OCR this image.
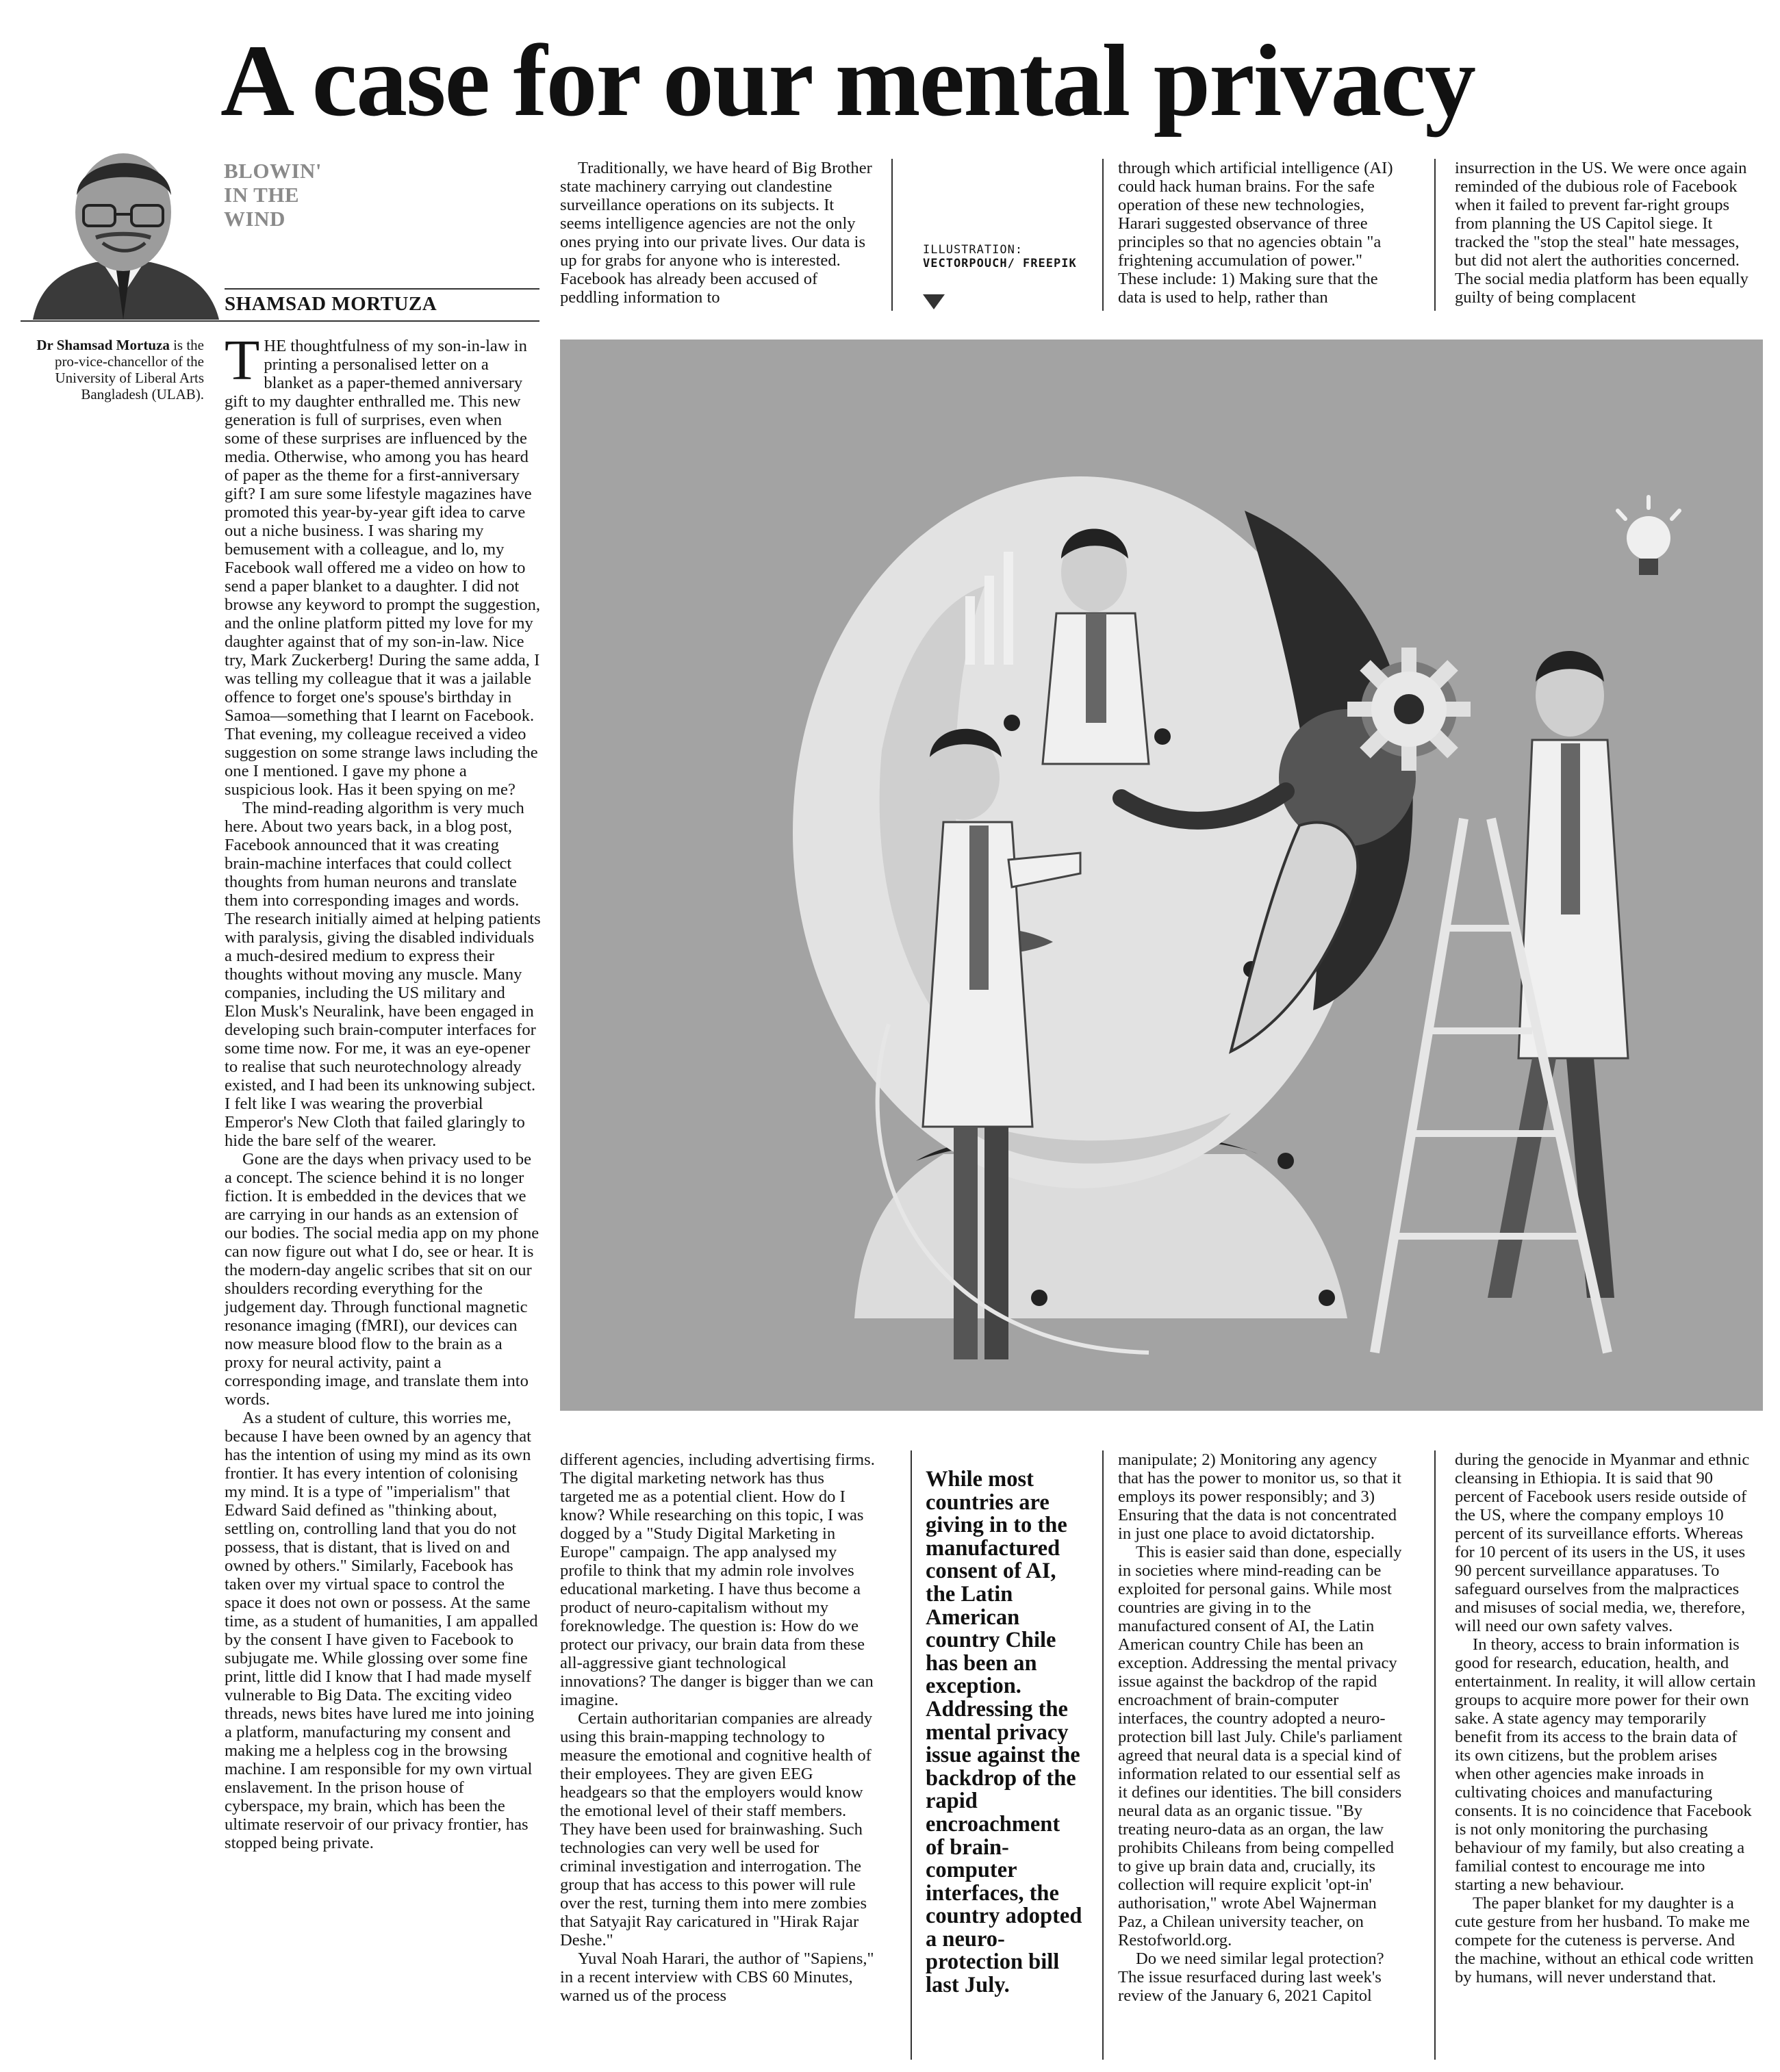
A case for our mental privacy
BLOWIN'
IN THE
WIND
SHAMSAD MORTUZA
Dr Shamsad Mortuza is the pro-vice-chancellor of the University of Liberal Arts Bangladesh (ULAB).

THE thoughtfulness of my son-in-law in printing a personalised letter on a blanket as a paper-themed anniversary gift to my daughter enthralled me. This new generation is full of surprises, even when some of these surprises are influenced by the media. Otherwise, who among you has heard of paper as the theme for a first-anniversary gift? I am sure some lifestyle magazines have promoted this year-by-year gift idea to carve out a niche business. I was sharing my bemusement with a colleague, and lo, my Facebook wall offered me a video on how to send a paper blanket to a daughter. I did not browse any keyword to prompt the suggestion, and the online platform pitted my love for my daughter against that of my son-in-law. Nice try, Mark Zuckerberg! During the same adda, I was telling my colleague that it was a jailable offence to forget one's spouse's birthday in Samoa—something that I learnt on Facebook. That evening, my colleague received a video suggestion on some strange laws including the one I mentioned. I gave my phone a suspicious look. Has it been spying on me?

The mind-reading algorithm is very much here. About two years back, in a blog post, Facebook announced that it was creating brain-machine interfaces that could collect thoughts from human neurons and translate them into corresponding images and words. The research initially aimed at helping patients with paralysis, giving the disabled individuals a much-desired medium to express their thoughts without moving any muscle. Many companies, including the US military and Elon Musk's Neuralink, have been engaged in developing such brain-computer interfaces for some time now. For me, it was an eye-opener to realise that such neurotechnology already existed, and I had been its unknowing subject. I felt like I was wearing the proverbial Emperor's New Cloth that failed glaringly to hide the bare self of the wearer.

Gone are the days when privacy used to be a concept. The science behind it is no longer fiction. It is embedded in the devices that we are carrying in our hands as an extension of our bodies. The social media app on my phone can now figure out what I do, see or hear. It is the modern-day angelic scribes that sit on our shoulders recording everything for the judgement day. Through functional magnetic resonance imaging (fMRI), our devices can now measure blood flow to the brain as a proxy for neural activity, paint a corresponding image, and translate them into words.

As a student of culture, this worries me, because I have been owned by an agency that has the intention of using my mind as its own frontier. It has every intention of colonising my mind. It is a type of "imperialism" that Edward Said defined as "thinking about, settling on, controlling land that you do not possess, that is distant, that is lived on and owned by others." Similarly, Facebook has taken over my virtual space to control the space it does not own or possess. At the same time, as a student of humanities, I am appalled by the consent I have given to Facebook to subjugate me. While glossing over some fine print, little did I know that I had made myself vulnerable to Big Data. The exciting video threads, news bites have lured me into joining a platform, manufacturing my consent and making me a helpless cog in the browsing machine. I am responsible for my own virtual enslavement. In the prison house of cyberspace, my brain, which has been the ultimate reservoir of our privacy frontier, has stopped being private.

Traditionally, we have heard of Big Brother state machinery carrying out clandestine surveillance operations on its subjects. It seems intelligence agencies are not the only ones prying into our private lives. Our data is up for grabs for anyone who is interested. Facebook has already been accused of peddling information to

ILLUSTRATION:
VECTORPOUCH/ FREEPIK

through which artificial intelligence (AI) could hack human brains. For the safe operation of these new technologies, Harari suggested observance of three principles so that no agencies obtain "a frightening accumulation of power." These include: 1) Making sure that the data is used to help, rather than

insurrection in the US. We were once again reminded of the dubious role of Facebook when it failed to prevent far-right groups from planning the US Capitol siege. It tracked the "stop the steal" hate messages, but did not alert the authorities concerned. The social media platform has been equally guilty of being complacent

different agencies, including advertising firms. The digital marketing network has thus targeted me as a potential client. How do I know? While researching on this topic, I was dogged by a "Study Digital Marketing in Europe" campaign. The app analysed my profile to think that my admin role involves educational marketing. I have thus become a product of neuro-capitalism without my foreknowledge. The question is: How do we protect our privacy, our brain data from these all-aggressive giant technological innovations? The danger is bigger than we can imagine.

Certain authoritarian companies are already using this brain-mapping technology to measure the emotional and cognitive health of their employees. They are given EEG headgears so that the employers would know the emotional level of their staff members. They have been used for brainwashing. Such technologies can very well be used for criminal investigation and interrogation. The group that has access to this power will rule over the rest, turning them into mere zombies that Satyajit Ray caricatured in "Hirak Rajar Deshe."

Yuval Noah Harari, the author of "Sapiens," in a recent interview with CBS 60 Minutes, warned us of the process

While most countries are giving in to the manufactured consent of AI, the Latin American country Chile has been an exception. Addressing the mental privacy issue against the backdrop of the rapid encroachment of brain-computer interfaces, the country adopted a neuro-protection bill last July.

manipulate; 2) Monitoring any agency that has the power to monitor us, so that it employs its power responsibly; and 3) Ensuring that the data is not concentrated in just one place to avoid dictatorship.

This is easier said than done, especially in societies where mind-reading can be exploited for personal gains. While most countries are giving in to the manufactured consent of AI, the Latin American country Chile has been an exception. Addressing the mental privacy issue against the backdrop of the rapid encroachment of brain-computer interfaces, the country adopted a neuro-protection bill last July. Chile's parliament agreed that neural data is a special kind of information related to our essential self as it defines our identities. The bill considers neural data as an organic tissue. "By treating neuro-data as an organ, the law prohibits Chileans from being compelled to give up brain data and, crucially, its collection will require explicit 'opt-in' authorisation," wrote Abel Wajnerman Paz, a Chilean university teacher, on Restofworld.org.

Do we need similar legal protection? The issue resurfaced during last week's review of the January 6, 2021 Capitol

during the genocide in Myanmar and ethnic cleansing in Ethiopia. It is said that 90 percent of Facebook users reside outside of the US, where the company employs 10 percent of its surveillance efforts. Whereas for 10 percent of its users in the US, it uses 90 percent surveillance apparatuses. To safeguard ourselves from the malpractices and misuses of social media, we, therefore, will need our own safety valves.

In theory, access to brain information is good for research, education, health, and entertainment. In reality, it will allow certain groups to acquire more power for their own sake. A state agency may temporarily benefit from its access to the brain data of its own citizens, but the problem arises when other agencies make inroads in cultivating choices and manufacturing consents. It is no coincidence that Facebook is not only monitoring the purchasing behaviour of my family, but also creating a familial contest to encourage me into starting a new behaviour.

The paper blanket for my daughter is a cute gesture from her husband. To make me compete for the cuteness is perverse. And the machine, without an ethical code written by humans, will never understand that.
